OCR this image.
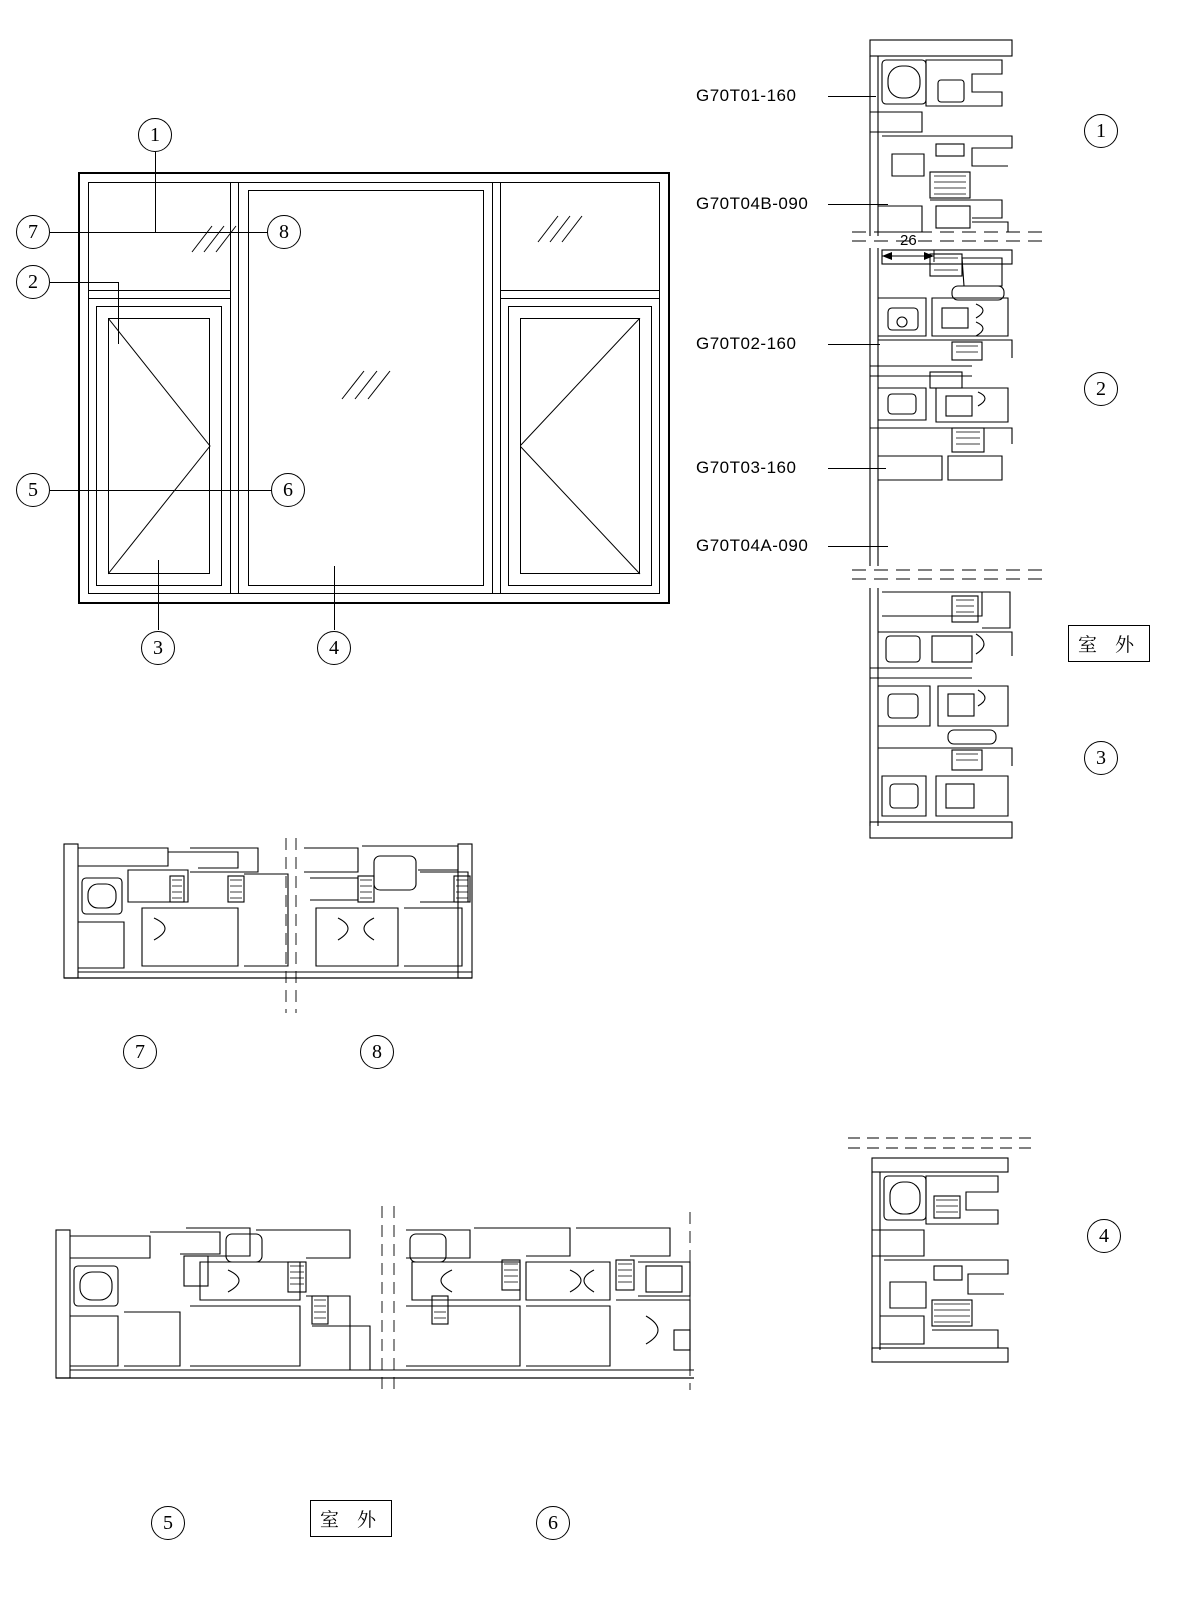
1
7
2
8
5	6
3	4
26
G70T01-160
G70T04B-090
G70T02-160
G70T03-160
G70T04A-090
1
2
3
室 外
7	8
5	室 外	6
4
